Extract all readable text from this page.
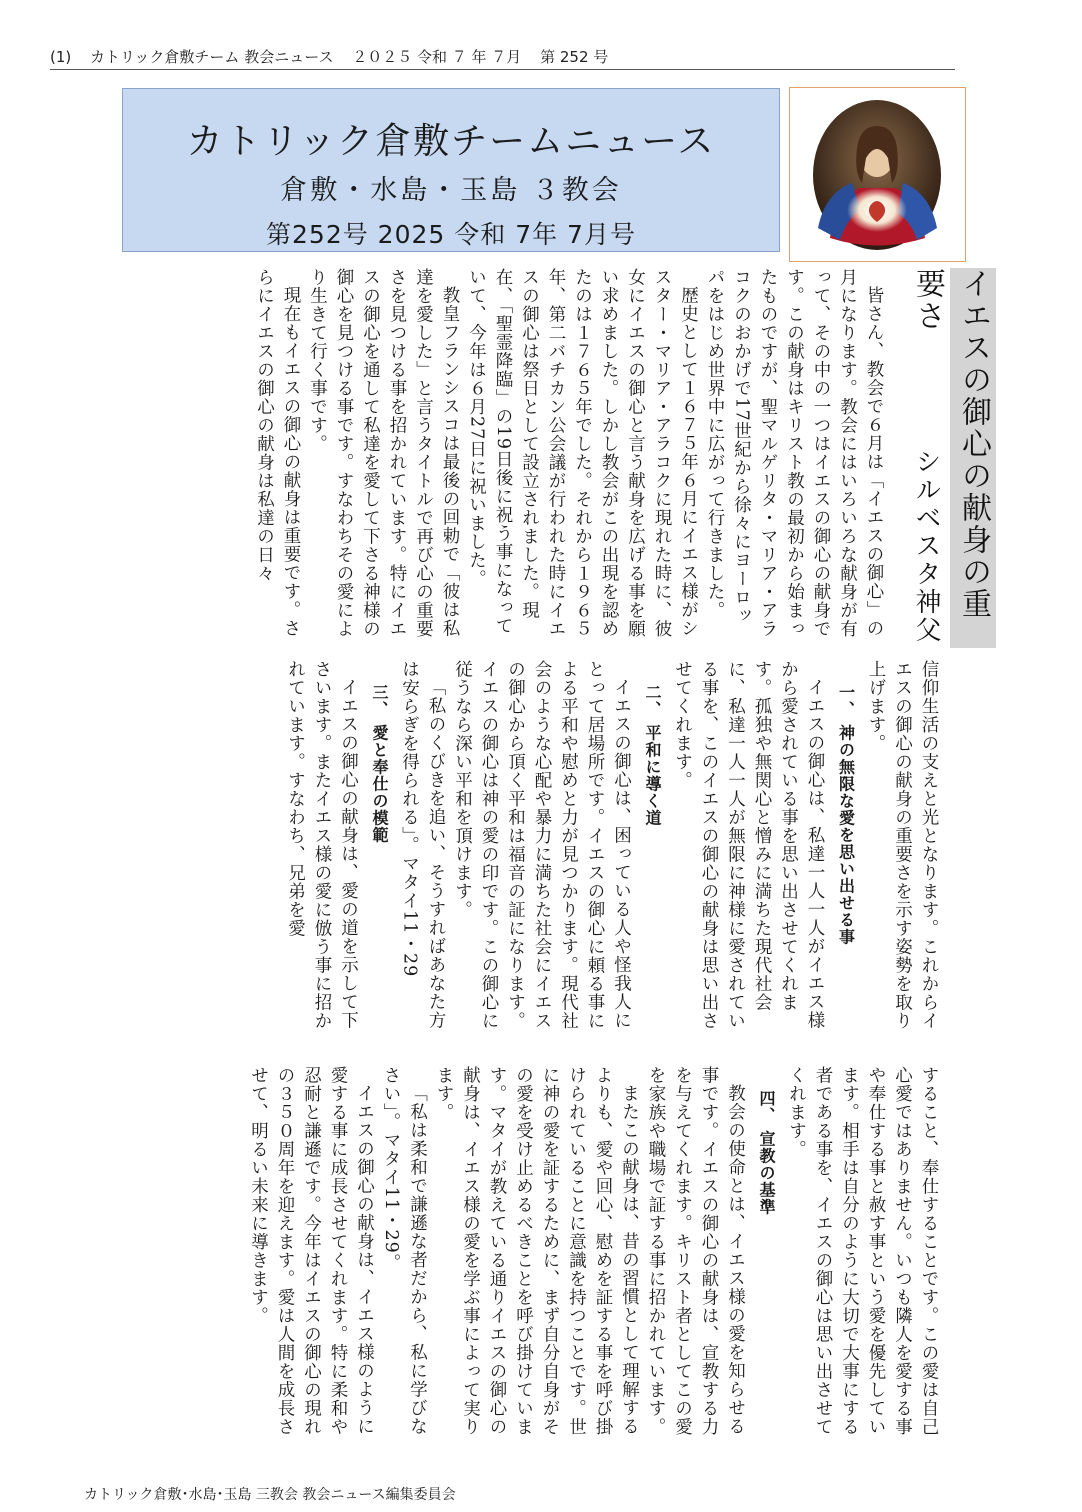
(1) カトリック倉敷チーム 教会ニュース ２０２５ 令和 ７ 年 ７月 第 252 号
カトリック倉敷チームニュース
倉敷・水島・玉島 ３教会
第252号 2025 令和 7年 7月号
イエスの御心の献身の重要さ
シルベスタ神父

皆さん、教会で６月は「イエスの御心」の月になります。教会にはいろいろな献身が有って、その中の一つはイエスの御心の献身です。この献身はキリスト教の最初から始まったものですが、聖マルゲリタ・マリア・アラコクのおかげで17世紀から徐々にヨーロッパをはじめ世界中に広がって行きました。

歴史として１６７５年６月にイエス様がシスター・マリア・アラコクに現れた時に、彼女にイエスの御心と言う献身を広げる事を願い求めました。しかし教会がこの出現を認めたのは１７６５年でした。それから１９６５年、第二バチカン公会議が行われた時にイエスの御心は祭日として設立されました。現在、「聖霊降臨」の19日後に祝う事になっていて、今年は６月27日に祝いました。

教皇フランシスコは最後の回勅で「彼は私達を愛した」と言うタイトルで再び心の重要さを見つける事を招かれています。特にイエスの御心を通して私達を愛して下さる神様の御心を見つける事です。すなわちその愛により生きて行く事です。

現在もイエスの御心の献身は重要です。さらにイエスの御心の献身は私達の日々

信仰生活の支えと光となります。これからイエスの御心の献身の重要さを示す姿勢を取り上げます。

一、 神の無限な愛を思い出せる事

イエスの御心は、私達一人一人がイエス様から愛されている事を思い出させてくれます。孤独や無関心と憎みに満ちた現代社会に、私達一人一人が無限に神様に愛されている事を、このイエスの御心の献身は思い出させてくれます。

二、 平和に導く道

イエスの御心は、困っている人や怪我人にとって居場所です。イエスの御心に頼る事による平和や慰めと力が見つかります。現代社会のような心配や暴力に満ちた社会にイエスの御心から頂く平和は福音の証になります。イエスの御心は神の愛の印です。この御心に従うなら深い平和を頂けます。

「私のくびきを追い、そうすればあなた方は安らぎを得られる」。マタイ11・29

三、 愛と奉仕の模範

イエスの御心の献身は、愛の道を示して下さいます。またイエス様の愛に倣う事に招かれています。すなわち、兄弟を愛

すること、奉仕することです。この愛は自己心愛ではありません。いつも隣人を愛する事や奉仕する事と赦す事という愛を優先しています。相手は自分のように大切で大事にする者である事を、イエスの御心は思い出させてくれます。

四、 宣教の基準

教会の使命とは、イエス様の愛を知らせる事です。イエスの御心の献身は、宣教する力を与えてくれます。キリスト者としてこの愛を家族や職場で証する事に招かれています。

またこの献身は、昔の習慣として理解するよりも、愛や回心、慰めを証する事を呼び掛けられていることに意識を持つことです。世に神の愛を証するために、まず自分自身がその愛を受け止めるべきことを呼び掛けています。マタイが教えている通りイエスの御心の献身は、イエス様の愛を学ぶ事によって実ります。

「私は柔和で謙遜な者だから、私に学びなさい」。マタイ11・29。

イエスの御心の献身は、イエス様のように愛する事に成長させてくれます。特に柔和や忍耐と謙遜です。今年はイエスの御心の現れの３５０周年を迎えます。愛は人間を成長させて、明るい未来に導きます。

カトリック倉敷･水島･玉島 三教会 教会ニュース編集委員会
